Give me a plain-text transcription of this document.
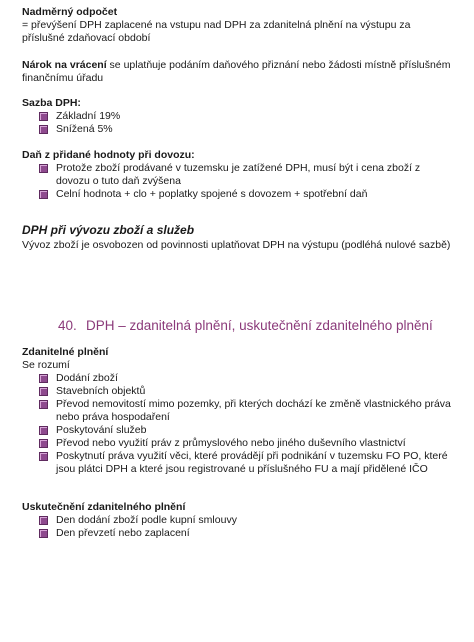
Nadměrný odpočet

= převýšení DPH zaplacené na vstupu nad DPH za zdanitelná plnění na výstupu za příslušné zdaňovací období

Nárok na vrácení se uplatňuje podáním daňového přiznání nebo žádosti místně příslušném finančnímu úřadu

Sazba DPH:

Základní 19%
Snížená 5%

Daň z přidané hodnoty při dovozu:

Protože zboží prodávané v tuzemsku je zatížené DPH, musí být i cena zboží z dovozu o tuto daň zvýšena
Celní hodnota + clo + poplatky spojené s dovozem + spotřební daň

DPH při vývozu zboží a služeb

Vývoz zboží je osvobozen od povinnosti uplatňovat DPH na výstupu (podléhá nulové sazbě)

40. DPH – zdanitelná plnění, uskutečnění zdanitelného plnění

Zdanitelné plnění

Se rozumí

Dodání zboží
Stavebních objektů
Převod nemovitostí mimo pozemky, při kterých dochází ke změně vlastnického práva nebo práva hospodaření
Poskytování služeb
Převod nebo využití práv z průmyslového nebo jiného duševního vlastnictví
Poskytnutí práva využití věci, které provádějí při podnikání v tuzemsku FO PO, které jsou plátci DPH a které jsou registrované u příslušného FU a mají přidělené IČO

Uskutečnění zdanitelného plnění

Den dodání zboží podle kupní smlouvy
Den převzetí nebo zaplacení
